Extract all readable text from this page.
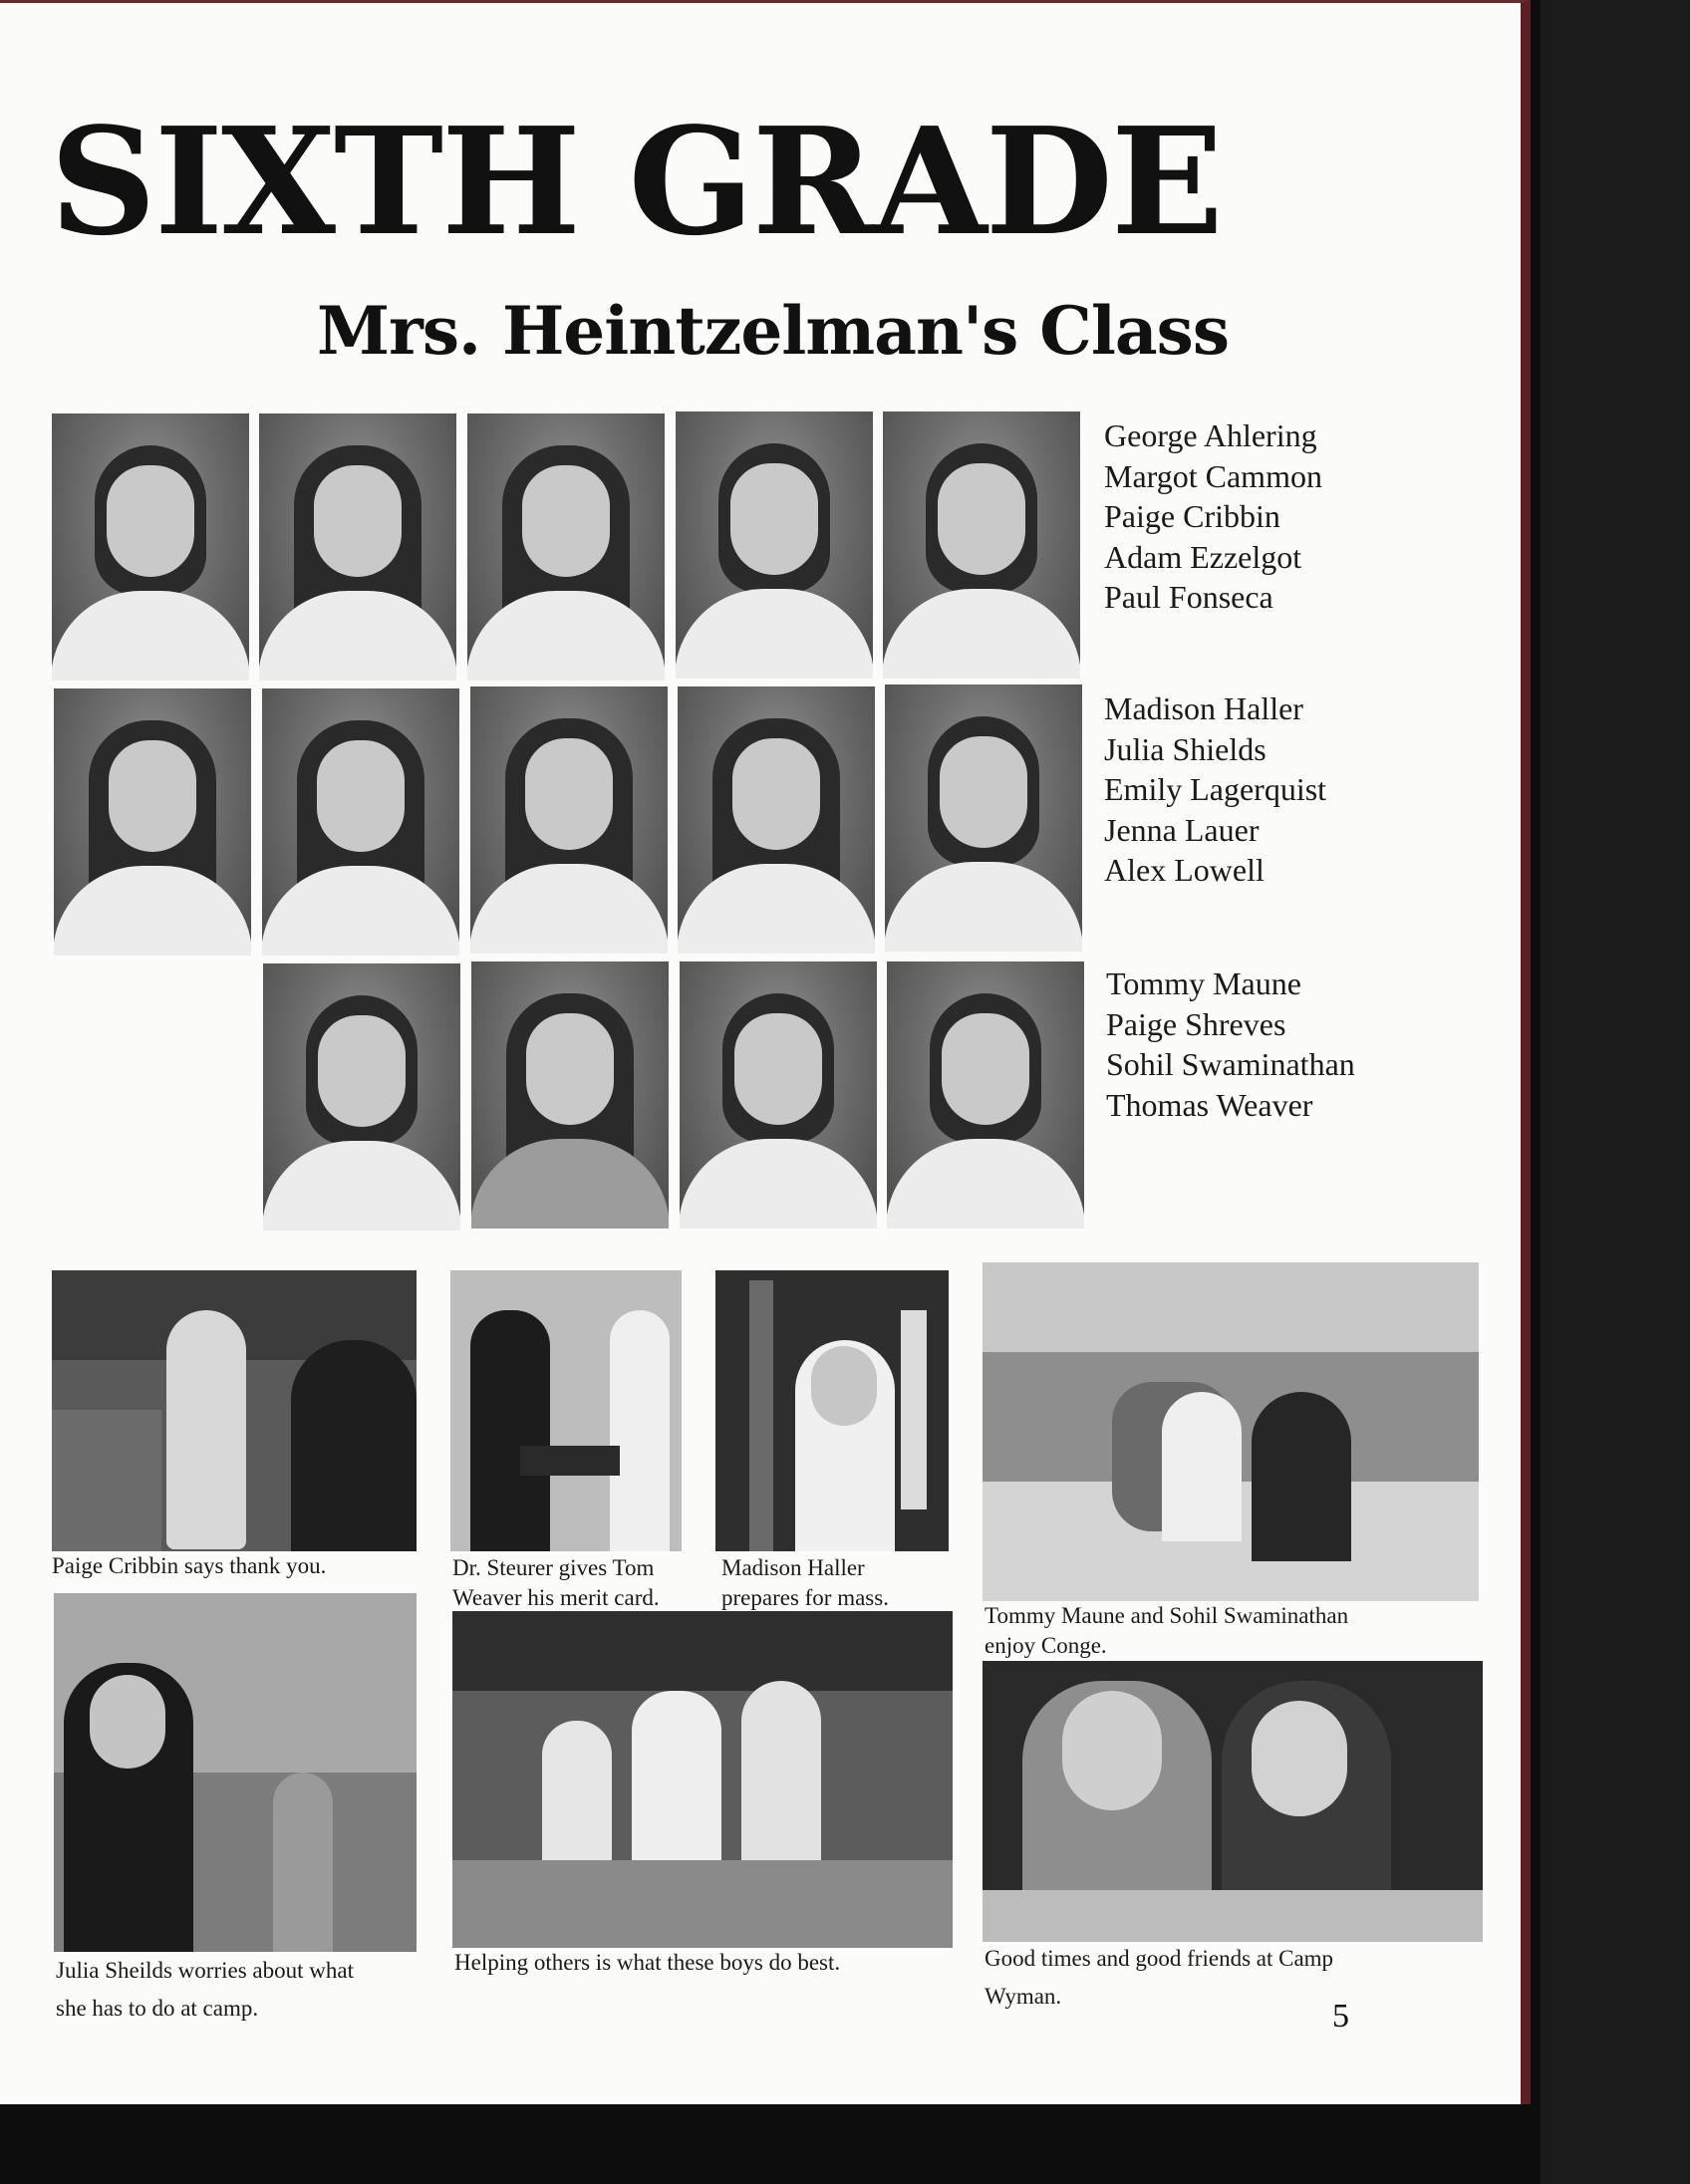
SIXTH GRADE
Mrs. Heintzelman's Class
George Ahlering
Margot Cammon
Paige Cribbin
Adam Ezzelgot
Paul Fonseca
Madison Haller
Julia Shields
Emily Lagerquist
Jenna Lauer
Alex Lowell
Tommy Maune
Paige Shreves
Sohil Swaminathan
Thomas Weaver
Paige Cribbin says thank you.	Dr. Steurer gives Tom
Weaver his merit card.
Madison Haller
prepares for mass.
Tommy Maune and Sohil Swaminathan
enjoy Conge.
Julia Sheilds worries about what
she has to do at camp.
Helping others is what these boys do best.	Good times and good friends at Camp
Wyman.
5
